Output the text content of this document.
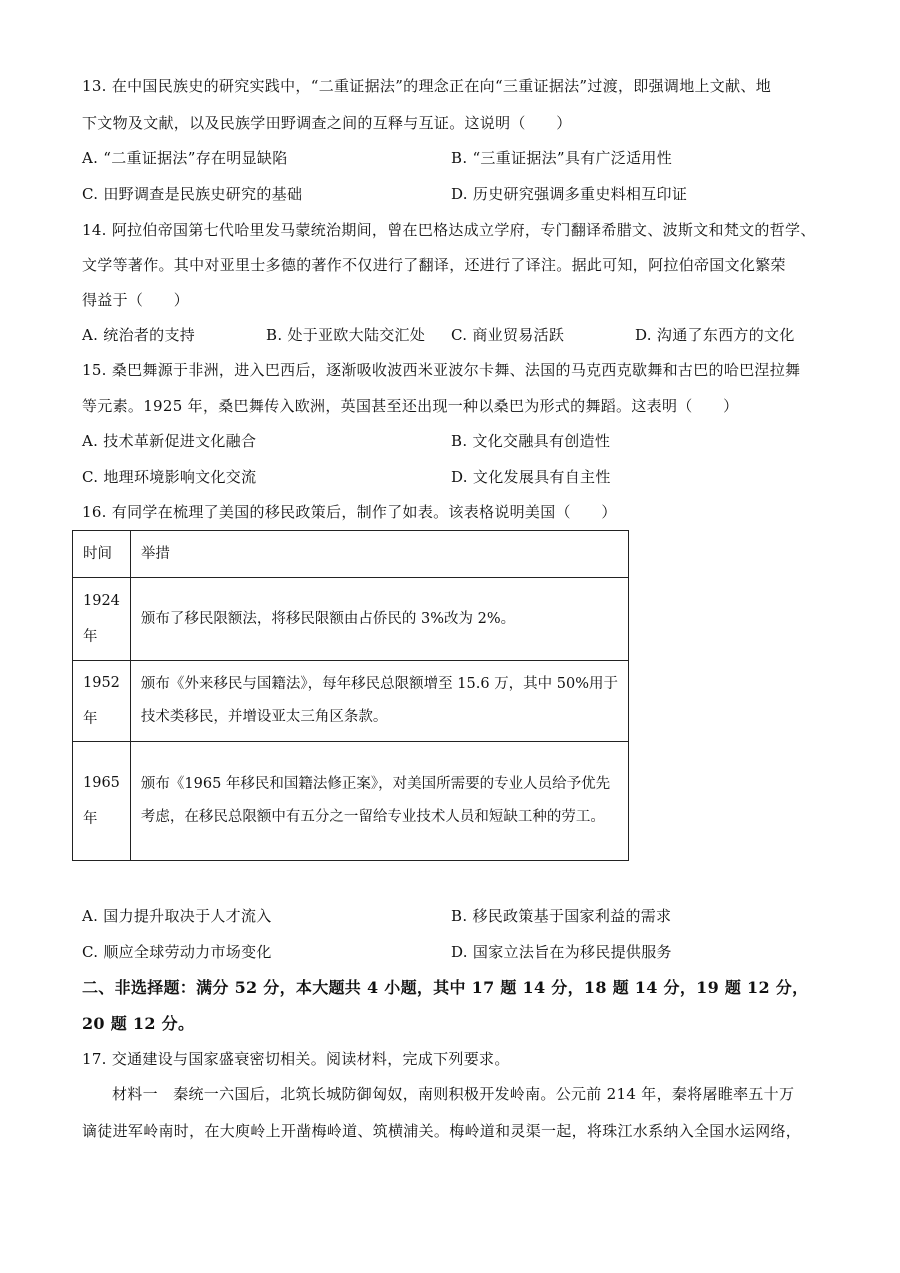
13. 在中国民族史的研究实践中，“二重证据法”的理念正在向“三重证据法”过渡，即强调地上文献、地
下文物及文献，以及民族学田野调查之间的互释与互证。这说明（　　）
A. “二重证据法”存在明显缺陷	B. “三重证据法”具有广泛适用性
C. 田野调查是民族史研究的基础	D. 历史研究强调多重史料相互印证
14. 阿拉伯帝国第七代哈里发马蒙统治期间，曾在巴格达成立学府，专门翻译希腊文、波斯文和梵文的哲学、
文学等著作。其中对亚里士多德的著作不仅进行了翻译，还进行了译注。据此可知，阿拉伯帝国文化繁荣
得益于（　　）
A. 统治者的支持	B. 处于亚欧大陆交汇处 C. 商业贸易活跃	D. 沟通了东西方的文化
15. 桑巴舞源于非洲，进入巴西后，逐渐吸收波西米亚波尔卡舞、法国的马克西克歇舞和古巴的哈巴涅拉舞
等元素。1925 年，桑巴舞传入欧洲，英国甚至还出现一种以桑巴为形式的舞蹈。这表明（　　）
A. 技术革新促进文化融合	B. 文化交融具有创造性
C. 地理环境影响文化交流	D. 文化发展具有自主性
16. 有同学在梳理了美国的移民政策后，制作了如表。该表格说明美国（　　）
时间	举措

1924
年	颁布了移民限额法，将移民限额由占侨民的 3%改为 2%。

1952
年	颁布《外来移民与国籍法》，每年移民总限额增至 15.6 万，其中 50%用于技术类移民，并增设亚太三角区条款。

1965
年	颁布《1965 年移民和国籍法修正案》，对美国所需要的专业人员给予优先考虑，在移民总限额中有五分之一留给专业技术人员和短缺工种的劳工。
A. 国力提升取决于人才流入	B. 移民政策基于国家利益的需求
C. 顺应全球劳动力市场变化	D. 国家立法旨在为移民提供服务
二、非选择题：满分 52 分，本大题共 4 小题，其中 17 题 14 分，18 题 14 分，19 题 12 分，
20 题 12 分。
17. 交通建设与国家盛衰密切相关。阅读材料，完成下列要求。
材料一　秦统一六国后，北筑长城防御匈奴，南则积极开发岭南。公元前 214 年，秦将屠睢率五十万
谪徒进军岭南时，在大庾岭上开凿梅岭道、筑横浦关。梅岭道和灵渠一起，将珠江水系纳入全国水运网络，
